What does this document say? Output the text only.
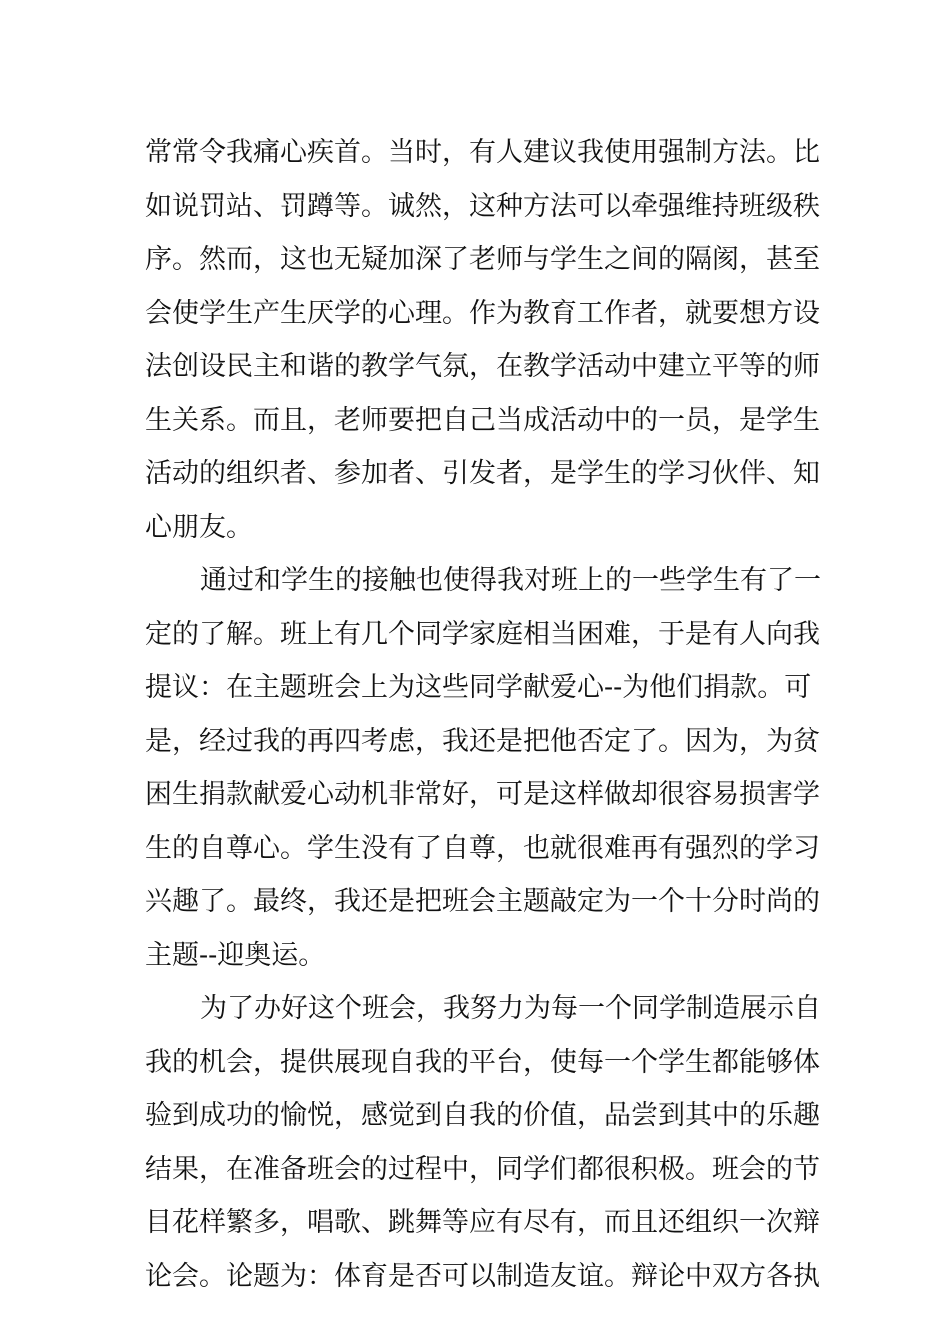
常常令我痛心疾首。当时，有人建议我使用强制方法。比
如说罚站、罚蹲等。诚然，这种方法可以牵强维持班级秩
序。然而，这也无疑加深了老师与学生之间的隔阂，甚至
会使学生产生厌学的心理。作为教育工作者，就要想方设
法创设民主和谐的教学气氛，在教学活动中建立平等的师
生关系。而且，老师要把自己当成活动中的一员，是学生
活动的组织者、参加者、引发者，是学生的学习伙伴、知
心朋友。
通过和学生的接触也使得我对班上的一些学生有了一
定的了解。班上有几个同学家庭相当困难，于是有人向我
提议：在主题班会上为这些同学献爱心--为他们捐款。可
是，经过我的再四考虑，我还是把他否定了。因为，为贫
困生捐款献爱心动机非常好，可是这样做却很容易损害学
生的自尊心。学生没有了自尊，也就很难再有强烈的学习
兴趣了。最终，我还是把班会主题敲定为一个十分时尚的
主题--迎奥运。
为了办好这个班会，我努力为每一个同学制造展示自
我的机会，提供展现自我的平台，使每一个学生都能够体
验到成功的愉悦，感觉到自我的价值，品尝到其中的乐趣
结果，在准备班会的过程中，同学们都很积极。班会的节
目花样繁多，唱歌、跳舞等应有尽有，而且还组织一次辩
论会。论题为：体育是否可以制造友谊。辩论中双方各执
